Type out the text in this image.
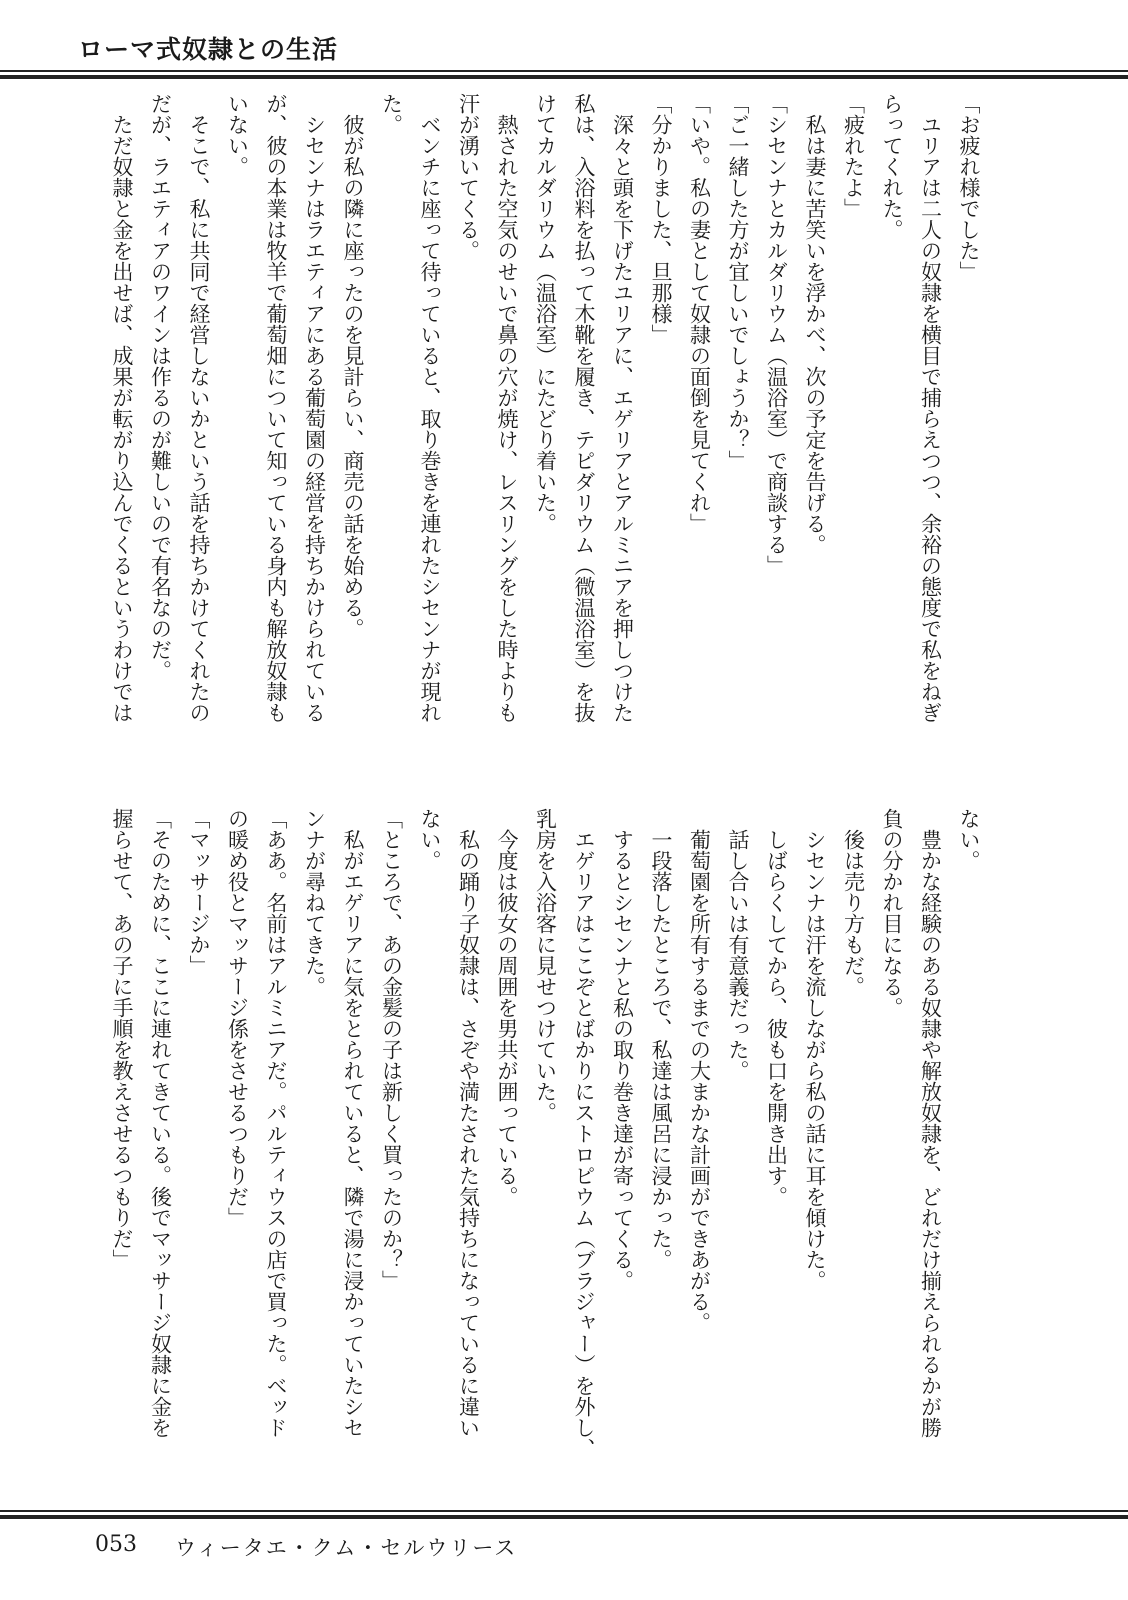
ローマ式奴隷との生活
「お疲れ様でした」
　ユリアは二人の奴隷を横目で捕らえつつ、余裕の態度で私をねぎ
らってくれた。
「疲れたよ」
　私は妻に苦笑いを浮かべ、次の予定を告げる。
「シセンナとカルダリウム（温浴室）で商談する」
「ご一緒した方が宜しいでしょうか？」
「いや。私の妻として奴隷の面倒を見てくれ」
「分かりました、旦那様」
　深々と頭を下げたユリアに、エゲリアとアルミニアを押しつけた
私は、入浴料を払って木靴を履き、テピダリウム（微温浴室）を抜
けてカルダリウム（温浴室）にたどり着いた。
　熱された空気のせいで鼻の穴が焼け、レスリングをした時よりも
汗が湧いてくる。
　ベンチに座って待っていると、取り巻きを連れたシセンナが現れ
た。
　彼が私の隣に座ったのを見計らい、商売の話を始める。
　シセンナはラエティアにある葡萄園の経営を持ちかけられている
が、彼の本業は牧羊で葡萄畑について知っている身内も解放奴隷も
いない。
　そこで、私に共同で経営しないかという話を持ちかけてくれたの
だが、ラエティアのワインは作るのが難しいので有名なのだ。
　ただ奴隷と金を出せば、成果が転がり込んでくるというわけでは
ない。
　豊かな経験のある奴隷や解放奴隷を、どれだけ揃えられるかが勝
負の分かれ目になる。
　後は売り方もだ。
　シセンナは汗を流しながら私の話に耳を傾けた。
　しばらくしてから、彼も口を開き出す。
　話し合いは有意義だった。
　葡萄園を所有するまでの大まかな計画ができあがる。
　一段落したところで、私達は風呂に浸かった。
　するとシセンナと私の取り巻き達が寄ってくる。
　エゲリアはここぞとばかりにストロピウム（ブラジャー）を外し、
乳房を入浴客に見せつけていた。
　今度は彼女の周囲を男共が囲っている。
　私の踊り子奴隷は、さぞや満たされた気持ちになっているに違い
ない。
「ところで、あの金髪の子は新しく買ったのか？」
　私がエゲリアに気をとられていると、隣で湯に浸かっていたシセ
ンナが尋ねてきた。
「ああ。名前はアルミニアだ。パルティウスの店で買った。ベッド
の暖め役とマッサージ係をさせるつもりだ」
「マッサージか」
「そのために、ここに連れてきている。後でマッサージ奴隷に金を
握らせて、あの子に手順を教えさせるつもりだ」
053 ウィータエ・クム・セルウリース
